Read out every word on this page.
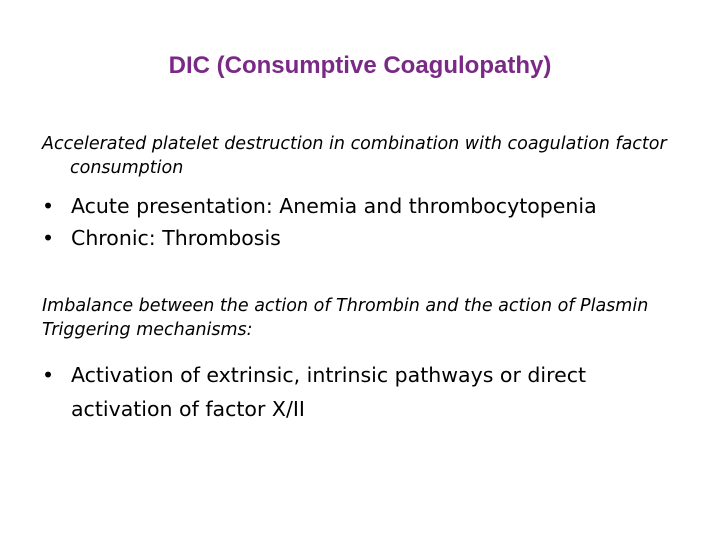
DIC (Consumptive Coagulopathy)

Accelerated platelet destruction in combination with coagulation factor consumption

• Acute presentation: Anemia and thrombocytopenia
• Chronic: Thrombosis

Imbalance between the action of Thrombin and the action of Plasmin

Triggering mechanisms:

• Activation of extrinsic, intrinsic pathways or direct activation of factor X/II
